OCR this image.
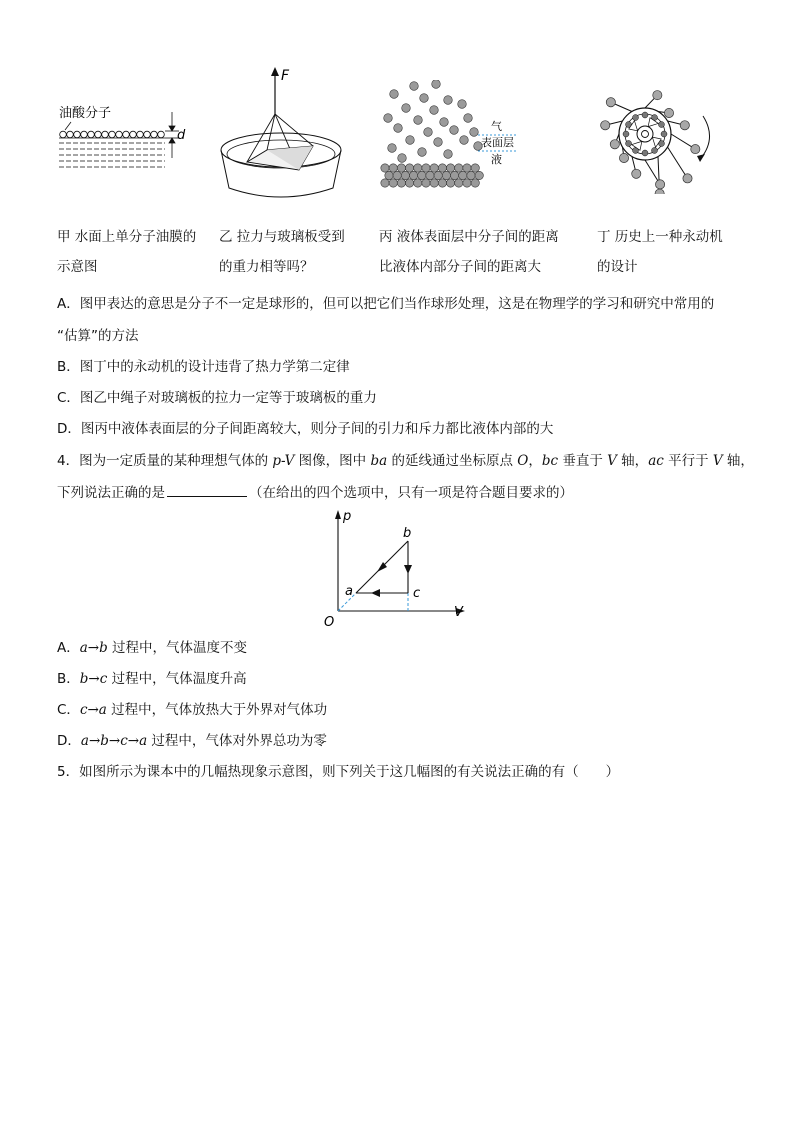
油酸分子
d
F
气
表面层
液
甲 水面上单分子油膜的
示意图
乙 拉力与玻璃板受到
的重力相等吗？
丙 液体表面层中分子间的距离
比液体内部分子间的距离大
丁 历史上一种永动机
的设计
A．图甲表达的意思是分子不一定是球形的，但可以把它们当作球形处理，这是在物理学的学习和研究中常用的
“估算”的方法
B．图丁中的永动机的设计违背了热力学第二定律
C．图乙中绳子对玻璃板的拉力一定等于玻璃板的重力
D．图丙中液体表面层的分子间距离较大，则分子间的引力和斥力都比液体内部的大
4．图为一定质量的某种理想气体的 p-V 图像，图中 ba 的延线通过坐标原点 O，bc 垂直于 V 轴，ac 平行于 V 轴，
下列说法正确的是	（在给出的四个选项中，只有一项是符合题目要求的）
p
V
O
a
b
c
A．a→b 过程中，气体温度不变
B．b→c 过程中，气体温度升高
C．c→a 过程中，气体放热大于外界对气体功
D．a→b→c→a 过程中，气体对外界总功为零
5．如图所示为课本中的几幅热现象示意图，则下列关于这几幅图的有关说法正确的有（　　）
